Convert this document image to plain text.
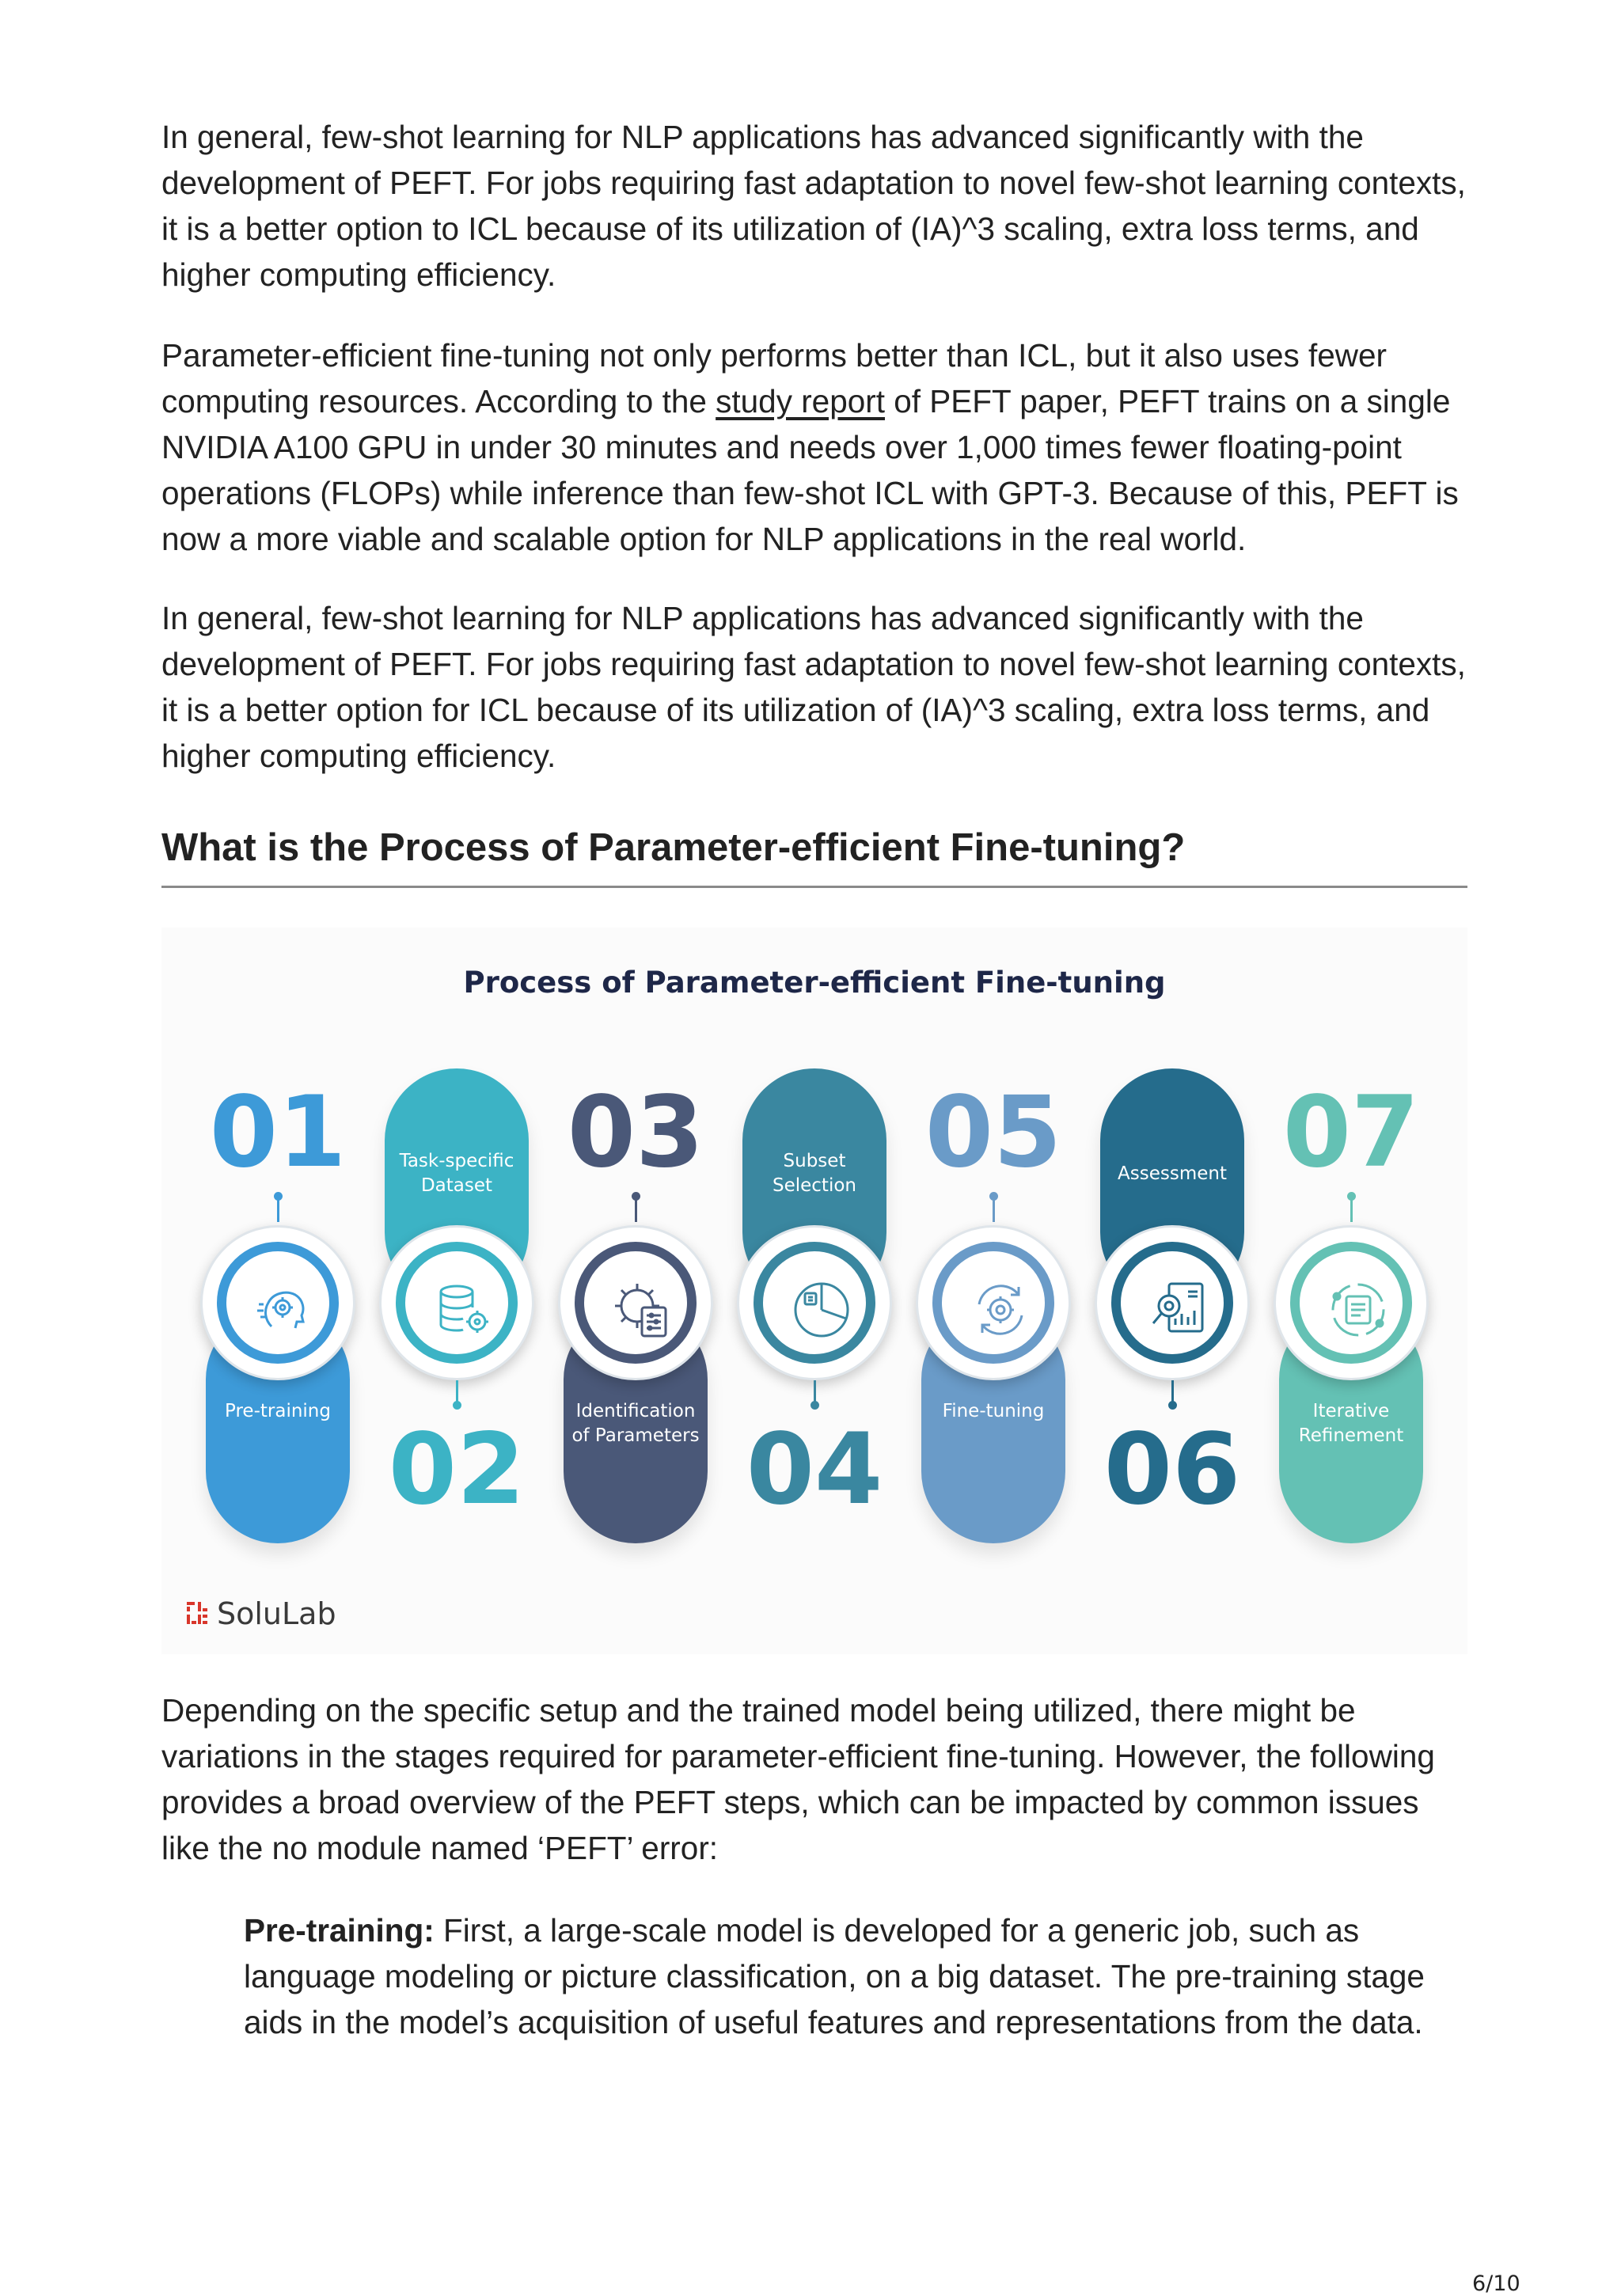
In general, few-shot learning for NLP applications has advanced significantly with the development of PEFT. For jobs requiring fast adaptation to novel few-shot learning contexts, it is a better option to ICL because of its utilization of (IA)^3 scaling, extra loss terms, and higher computing efficiency.

Parameter-efficient fine-tuning not only performs better than ICL, but it also uses fewer computing resources. According to the study report of PEFT paper, PEFT trains on a single NVIDIA A100 GPU in under 30 minutes and needs over 1,000 times fewer floating-point operations (FLOPs) while inference than few-shot ICL with GPT-3. Because of this, PEFT is now a more viable and scalable option for NLP applications in the real world.

In general, few-shot learning for NLP applications has advanced significantly with the development of PEFT. For jobs requiring fast adaptation to novel few-shot learning contexts, it is a better option for ICL because of its utilization of (IA)^3 scaling, extra loss terms, and higher computing efficiency.

What is the Process of Parameter-efficient Fine-tuning?
Process of Parameter-efficient Fine-tuning
01
Pre-training
Task-specific
Dataset
02
03
Identification
of Parameters
Subset
Selection
04
05
Fine-tuning
Assessment
06
07
Iterative
Refinement
SoluLab

Depending on the specific setup and the trained model being utilized, there might be variations in the stages required for parameter-efficient fine-tuning. However, the following provides a broad overview of the PEFT steps, which can be impacted by common issues like the no module named ‘PEFT’ error:

Pre-training: First, a large-scale model is developed for a generic job, such as language modeling or picture classification, on a big dataset. The pre-training stage aids in the model’s acquisition of useful features and representations from the data.

6/10
